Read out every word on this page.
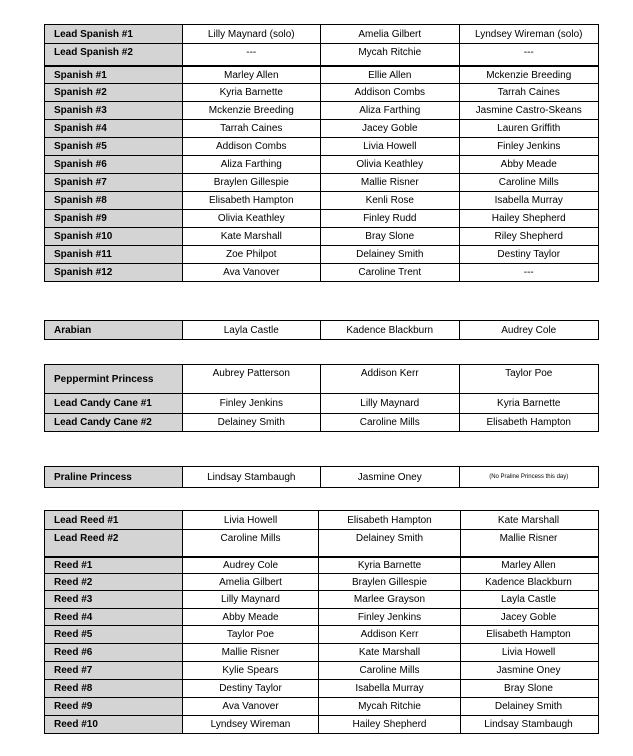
Lead Spanish #1	Lilly Maynard (solo)	Amelia Gilbert	Lyndsey Wireman (solo)
Lead Spanish #2	---	Mycah Ritchie	---
Spanish #1	Marley Allen	Ellie Allen	Mckenzie Breeding
Spanish #2	Kyria Barnette	Addison Combs	Tarrah Caines
Spanish #3	Mckenzie Breeding	Aliza Farthing	Jasmine Castro-Skeans
Spanish #4	Tarrah Caines	Jacey Goble	Lauren Griffith
Spanish #5	Addison Combs	Livia Howell	Finley Jenkins
Spanish #6	Aliza Farthing	Olivia Keathley	Abby Meade
Spanish #7	Braylen Gillespie	Mallie Risner	Caroline Mills
Spanish #8	Elisabeth Hampton	Kenli Rose	Isabella Murray
Spanish #9	Olivia Keathley	Finley Rudd	Hailey Shepherd
Spanish #10	Kate Marshall	Bray Slone	Riley Shepherd
Spanish #11	Zoe Philpot	Delainey Smith	Destiny Taylor
Spanish #12	Ava Vanover	Caroline Trent	---
Arabian	Layla Castle	Kadence Blackburn	Audrey Cole
Peppermint Princess	Aubrey Patterson	Addison Kerr	Taylor Poe
Lead Candy Cane #1	Finley Jenkins	Lilly Maynard	Kyria Barnette
Lead Candy Cane #2	Delainey Smith	Caroline Mills	Elisabeth Hampton
Praline Princess	Lindsay Stambaugh	Jasmine Oney	(No Praline Princess this day)
Lead Reed #1	Livia Howell	Elisabeth Hampton	Kate Marshall
Lead Reed #2	Caroline Mills	Delainey Smith	Mallie Risner
Reed #1	Audrey Cole	Kyria Barnette	Marley Allen
Reed #2	Amelia Gilbert	Braylen Gillespie	Kadence Blackburn
Reed #3	Lilly Maynard	Marlee Grayson	Layla Castle
Reed #4	Abby Meade	Finley Jenkins	Jacey Goble
Reed #5	Taylor Poe	Addison Kerr	Elisabeth Hampton
Reed #6	Mallie Risner	Kate Marshall	Livia Howell
Reed #7	Kylie Spears	Caroline Mills	Jasmine Oney
Reed #8	Destiny Taylor	Isabella Murray	Bray Slone
Reed #9	Ava Vanover	Mycah Ritchie	Delainey Smith
Reed #10	Lyndsey Wireman	Hailey Shepherd	Lindsay Stambaugh
